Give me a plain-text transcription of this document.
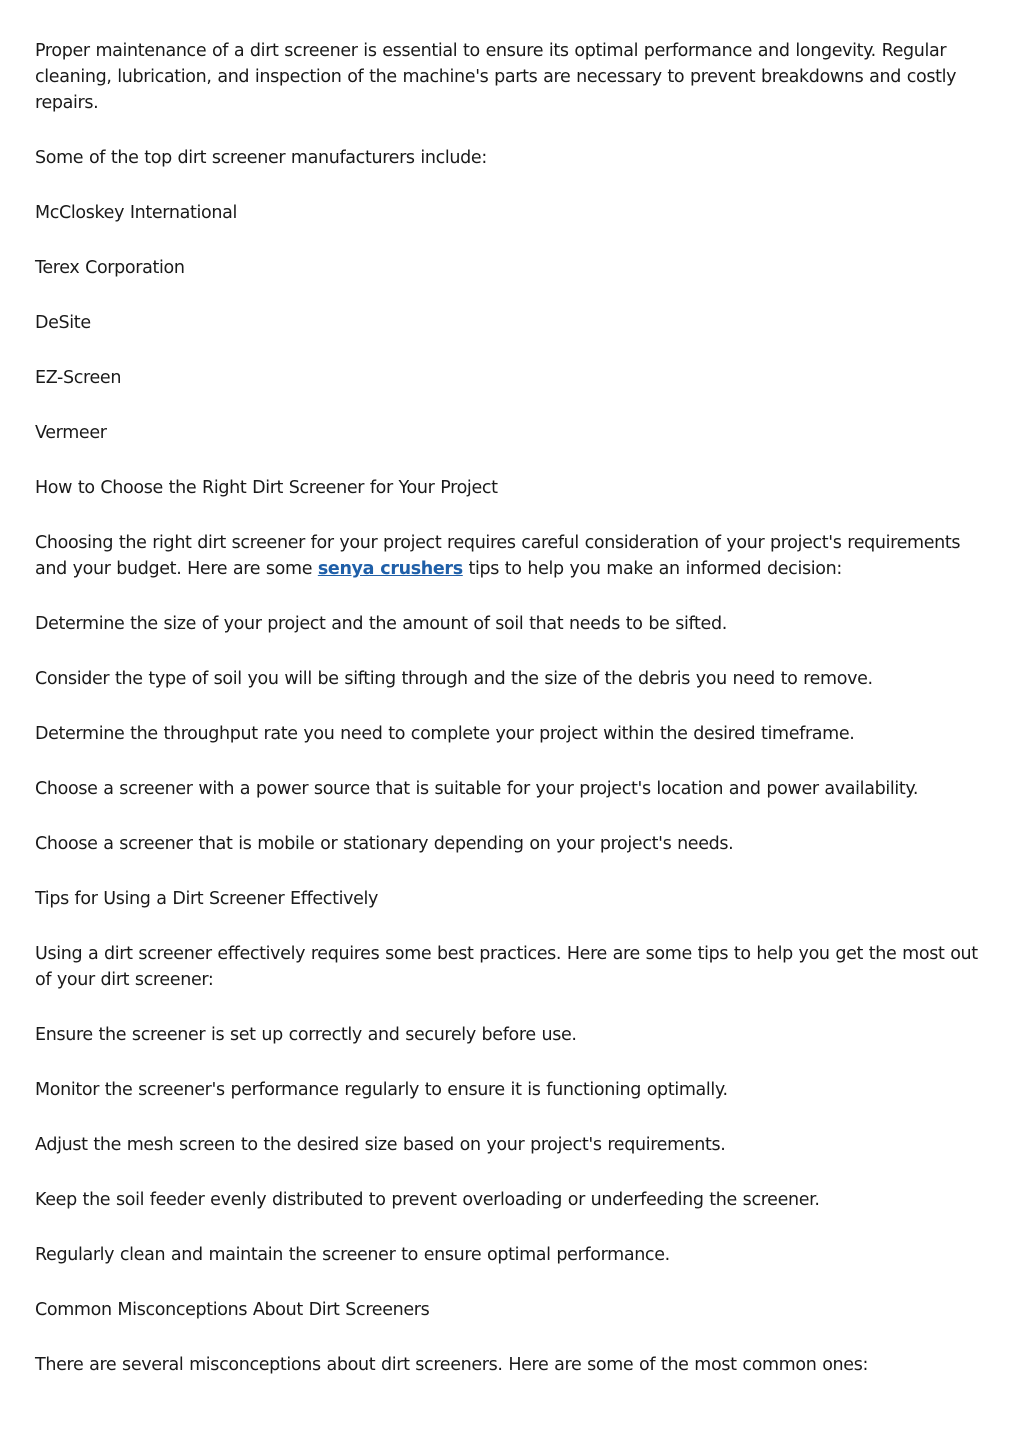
Proper maintenance of a dirt screener is essential to ensure its optimal performance and longevity. Regular cleaning, lubrication, and inspection of the machine's parts are necessary to prevent breakdowns and costly repairs.

Some of the top dirt screener manufacturers include:

McCloskey International

Terex Corporation

DeSite

EZ-Screen

Vermeer

How to Choose the Right Dirt Screener for Your Project

Choosing the right dirt screener for your project requires careful consideration of your project's requirements and your budget. Here are some senya crushers tips to help you make an informed decision:

Determine the size of your project and the amount of soil that needs to be sifted.

Consider the type of soil you will be sifting through and the size of the debris you need to remove.

Determine the throughput rate you need to complete your project within the desired timeframe.

Choose a screener with a power source that is suitable for your project's location and power availability.

Choose a screener that is mobile or stationary depending on your project's needs.

Tips for Using a Dirt Screener Effectively

Using a dirt screener effectively requires some best practices. Here are some tips to help you get the most out of your dirt screener:

Ensure the screener is set up correctly and securely before use.

Monitor the screener's performance regularly to ensure it is functioning optimally.

Adjust the mesh screen to the desired size based on your project's requirements.

Keep the soil feeder evenly distributed to prevent overloading or underfeeding the screener.

Regularly clean and maintain the screener to ensure optimal performance.

Common Misconceptions About Dirt Screeners

There are several misconceptions about dirt screeners. Here are some of the most common ones:
